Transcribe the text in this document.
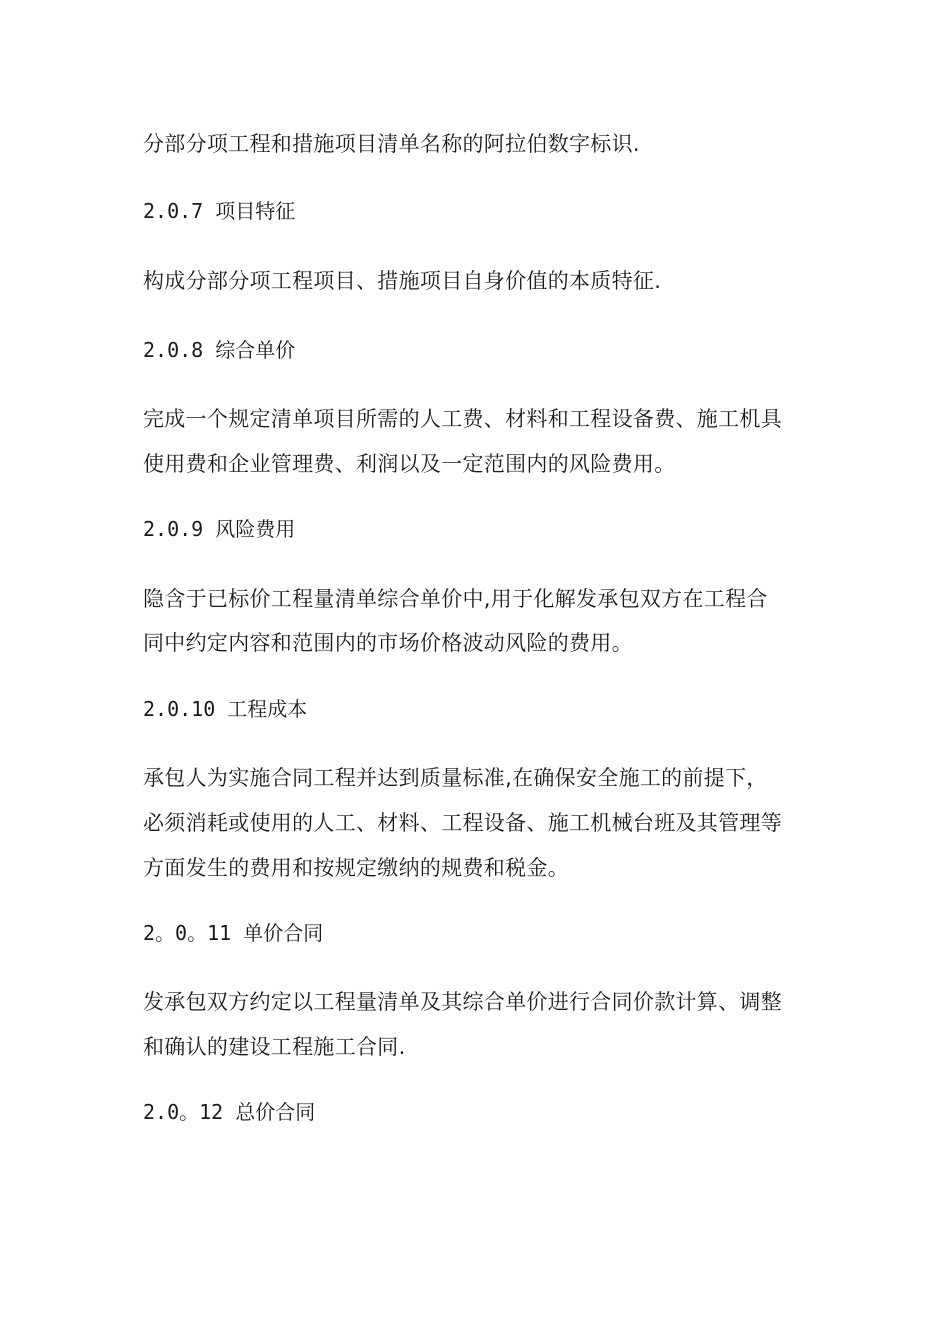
分部分项工程和措施项目清单名称的阿拉伯数字标识.
2.0.7 项目特征
构成分部分项工程项目、措施项目自身价值的本质特征.
2.0.8 综合单价
完成一个规定清单项目所需的人工费、材料和工程设备费、施工机具
使用费和企业管理费、利润以及一定范围内的风险费用。
2.0.9 风险费用
隐含于已标价工程量清单综合单价中,用于化解发承包双方在工程合
同中约定内容和范围内的市场价格波动风险的费用。
2.0.10 工程成本
承包人为实施合同工程并达到质量标准,在确保安全施工的前提下，
必须消耗或使用的人工、材料、工程设备、施工机械台班及其管理等
方面发生的费用和按规定缴纳的规费和税金。
2。0。11 单价合同
发承包双方约定以工程量清单及其综合单价进行合同价款计算、调整
和确认的建设工程施工合同.
2.0。12 总价合同
